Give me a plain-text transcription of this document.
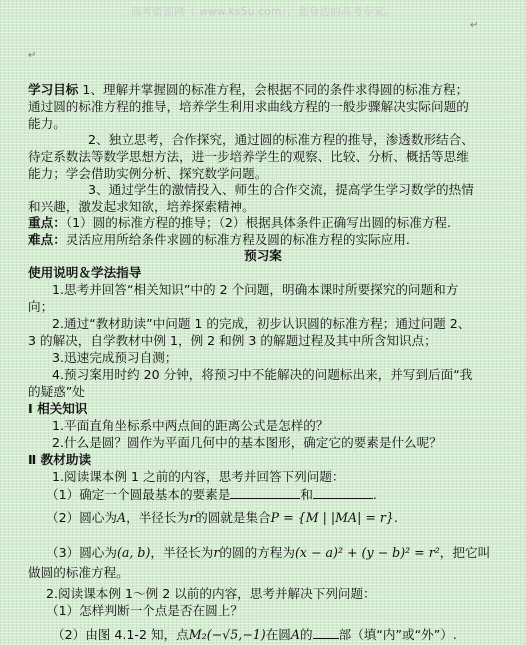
高考资源网（ www.ks5u.com），您身边的高考专家。
↵
↵
学习目标 1、理解并掌握圆的标准方程，会根据不同的条件求得圆的标准方程；
通过圆的标准方程的推导，培养学生利用求曲线方程的一般步骤解决实际问题的
能力。
2、独立思考，合作探究，通过圆的标准方程的推导，渗透数形结合、
待定系数法等数学思想方法，进一步培养学生的观察、比较、分析、概括等思维
能力；学会借助实例分析、探究数学问题。
3、通过学生的激情投入、师生的合作交流，提高学生学习数学的热情
和兴趣，激发起求知欲，培养探索精神。
重点：（1）圆的标准方程的推导；（2）根据具体条件正确写出圆的标准方程.
难点：灵活应用所给条件求圆的标准方程及圆的标准方程的实际应用.
预习案
使用说明＆学法指导
1.思考并回答“相关知识”中的 2 个问题，明确本课时所要探究的问题和方
向；
2.通过“教材助读”中问题 1 的完成，初步认识圆的标准方程；通过问题 2、
3 的解决，自学教材中例 1，例 2 和例 3 的解题过程及其中所含知识点；
3.迅速完成预习自测；
4.预习案用时约 20 分钟，将预习中不能解决的问题标出来，并写到后面“我
的疑惑”处
Ⅰ 相关知识
1.平面直角坐标系中两点间的距离公式是怎样的？
2.什么是圆？圆作为平面几何中的基本图形，确定它的要素是什么呢？
Ⅱ 教材助读
1.阅读课本例 1 之前的内容，思考并回答下列问题：
（1）确定一个圆最基本的要素是	和	.
（2）圆心为A，半径长为r的圆就是集合P = {M | |MA| = r}.
（3）圆心为(a, b)，半径长为r的圆的方程为(x − a)² + (y − b)² = r²，把它叫
做圆的标准方程。
2.阅读课本例 1～例 2 以前的内容，思考并解决下列问题：
（1）怎样判断一个点是否在圆上？
（2）由图 4.1-2 知，点M₂(−√5,−1)在圆A的 部（填“内”或“外”）.
